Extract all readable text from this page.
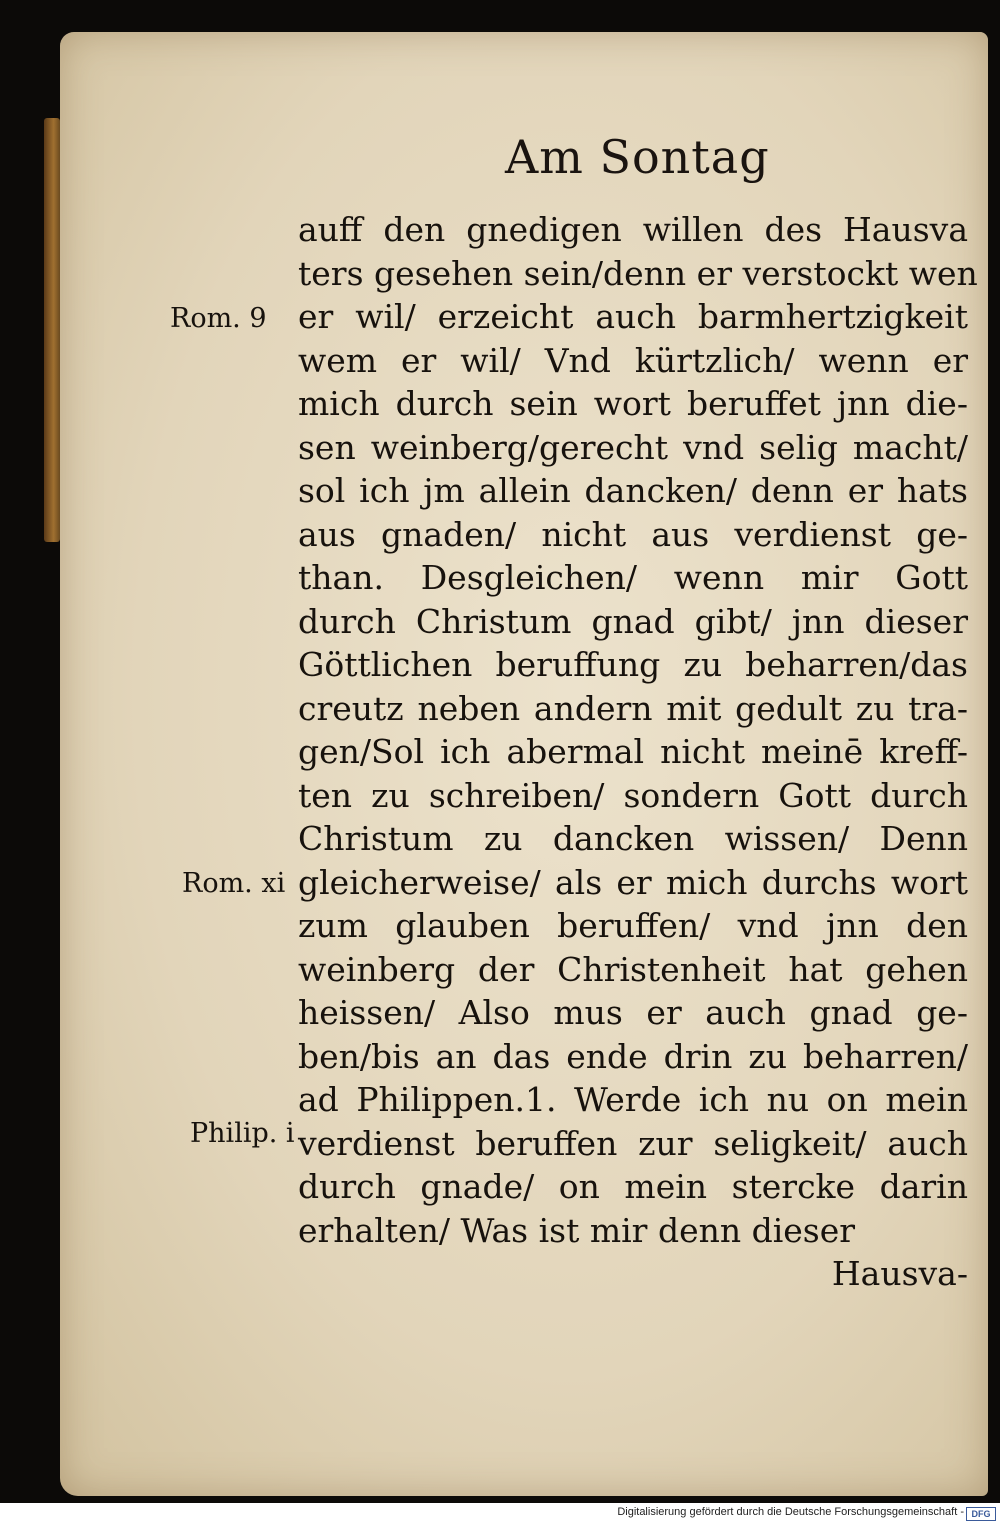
Am Sontag
Rom. 9
Rom. xi
Philip. i
auff den gnedigen willen des Hausva
ters gesehen sein/denn er verstockt wen
er wil/ erzeicht auch barmhertzigkeit
wem er wil/ Vnd kürtzlich/ wenn er
mich durch sein wort beruffet jnn die-
sen weinberg/gerecht vnd selig macht/
sol ich jm allein dancken/ denn er hats
aus gnaden/ nicht aus verdienst ge-
than. Desgleichen/ wenn mir Gott
durch Christum gnad gibt/ jnn dieser
Göttlichen beruffung zu beharren/das
creutz neben andern mit gedult zu tra-
gen/Sol ich abermal nicht meinē kreff-
ten zu schreiben/ sondern Gott durch
Christum zu dancken wissen/ Denn
gleicherweise/ als er mich durchs wort
zum glauben beruffen/ vnd jnn den
weinberg der Christenheit hat gehen
heissen/ Also mus er auch gnad ge-
ben/bis an das ende drin zu beharren/
ad Philippen.1. Werde ich nu on mein
verdienst beruffen zur seligkeit/ auch
durch gnade/ on mein stercke darin
erhalten/ Was ist mir denn dieser
Hausva-
Digitalisierung gefördert durch die Deutsche Forschungsgemeinschaft - DFG
